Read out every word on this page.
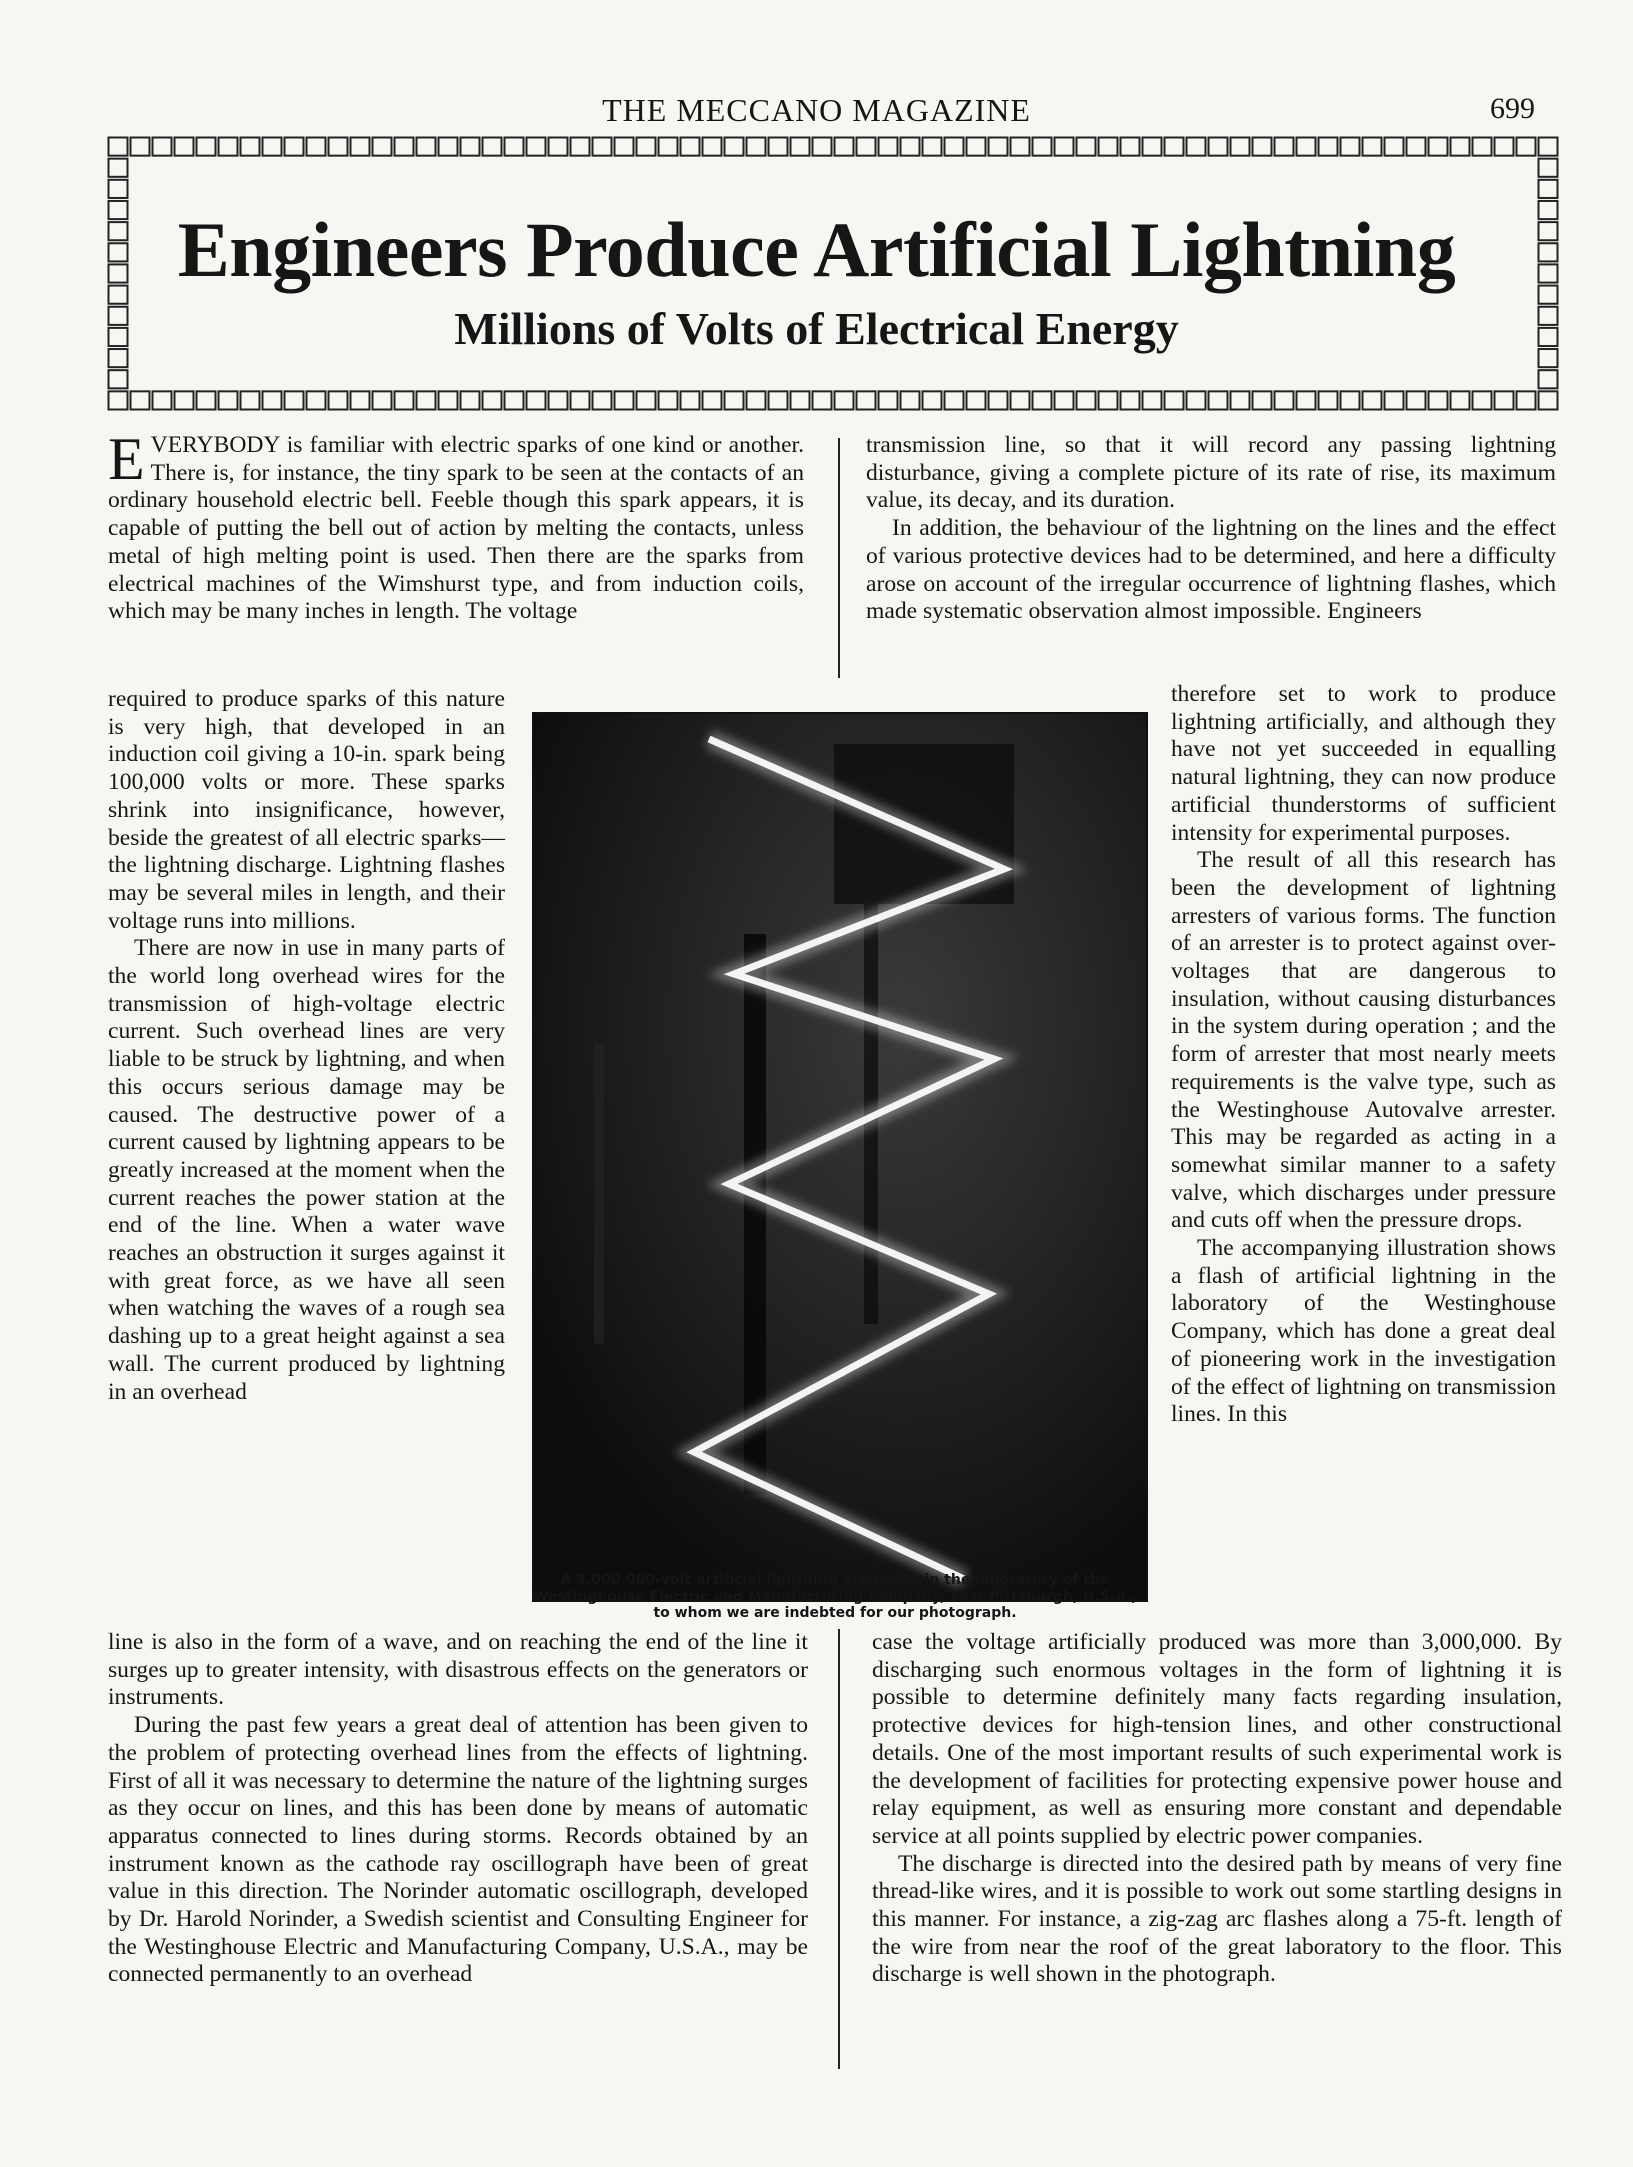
THE MECCANO MAGAZINE	699
Engineers Produce Artificial Lightning
Millions of Volts of Electrical Energy

EVERYBODY is familiar with electric sparks of one kind or another. There is, for instance, the tiny spark to be seen at the contacts of an ordinary household electric bell. Feeble though this spark appears, it is capable of putting the bell out of action by melting the contacts, unless metal of high melting point is used. Then there are the sparks from electrical machines of the Wimshurst type, and from induction coils, which may be many inches in length. The voltage

required to produce sparks of this nature is very high, that developed in an induction coil giving a 10-in. spark being 100,000 volts or more. These sparks shrink into insignificance, however, beside the greatest of all electric sparks—the lightning discharge. Lightning flashes may be several miles in length, and their voltage runs into millions.

There are now in use in many parts of the world long overhead wires for the transmission of high-voltage electric current. Such overhead lines are very liable to be struck by lightning, and when this occurs serious damage may be caused. The destructive power of a current caused by lightning appears to be greatly increased at the moment when the current reaches the power station at the end of the line. When a water wave reaches an obstruction it surges against it with great force, as we have all seen when watching the waves of a rough sea dashing up to a great height against a sea wall. The current produced by lightning in an overhead

line is also in the form of a wave, and on reaching the end of the line it surges up to greater intensity, with disastrous effects on the generators or instruments.

During the past few years a great deal of attention has been given to the problem of protecting overhead lines from the effects of lightning. First of all it was necessary to determine the nature of the lightning surges as they occur on lines, and this has been done by means of automatic apparatus connected to lines during storms. Records obtained by an instrument known as the cathode ray oscillograph have been of great value in this direction. The Norinder automatic oscillograph, developed by Dr. Harold Norinder, a Swedish scientist and Consulting Engineer for the Westinghouse Electric and Manufacturing Company, U.S.A., may be connected permanently to an overhead

transmission line, so that it will record any passing lightning disturbance, giving a complete picture of its rate of rise, its maximum value, its decay, and its duration.

In addition, the behaviour of the lightning on the lines and the effect of various protective devices had to be determined, and here a difficulty arose on account of the irregular occurrence of lightning flashes, which made systematic observation almost impossible. Engineers

therefore set to work to produce lightning artificially, and although they have not yet succeeded in equalling natural lightning, they can now produce artificial thunderstorms of sufficient intensity for experimental purposes.

The result of all this research has been the development of lightning arresters of various forms. The function of an arrester is to protect against over-voltages that are dangerous to insulation, without causing disturbances in the system during operation ; and the form of arrester that most nearly meets requirements is the valve type, such as the Westinghouse Autovalve arrester. This may be regarded as acting in a somewhat similar manner to a safety valve, which discharges under pressure and cuts off when the pressure drops.

The accompanying illustration shows a flash of artificial lightning in the laboratory of the Westinghouse Company, which has done a great deal of pioneering work in the investigation of the effect of lightning on transmission lines. In this

case the voltage artificially produced was more than 3,000,000. By discharging such enormous voltages in the form of lightning it is possible to determine definitely many facts regarding insulation, protective devices for high-tension lines, and other constructional details. One of the most important results of such experimental work is the development of facilities for protecting expensive power house and relay equipment, as well as ensuring more constant and dependable service at all points supplied by electric power companies.

The discharge is directed into the desired path by means of very fine thread-like wires, and it is possible to work out some startling designs in this manner. For instance, a zig-zag arc flashes along a 75-ft. length of the wire from near the roof of the great laboratory to the floor. This discharge is well shown in the photograph.

A 3,000,000-volt artificial lightning discharge in the laboratory of the Westinghouse Electric and Manufacturing Company, East Pittsburgh, U.S.A., to whom we are indebted for our photograph.
